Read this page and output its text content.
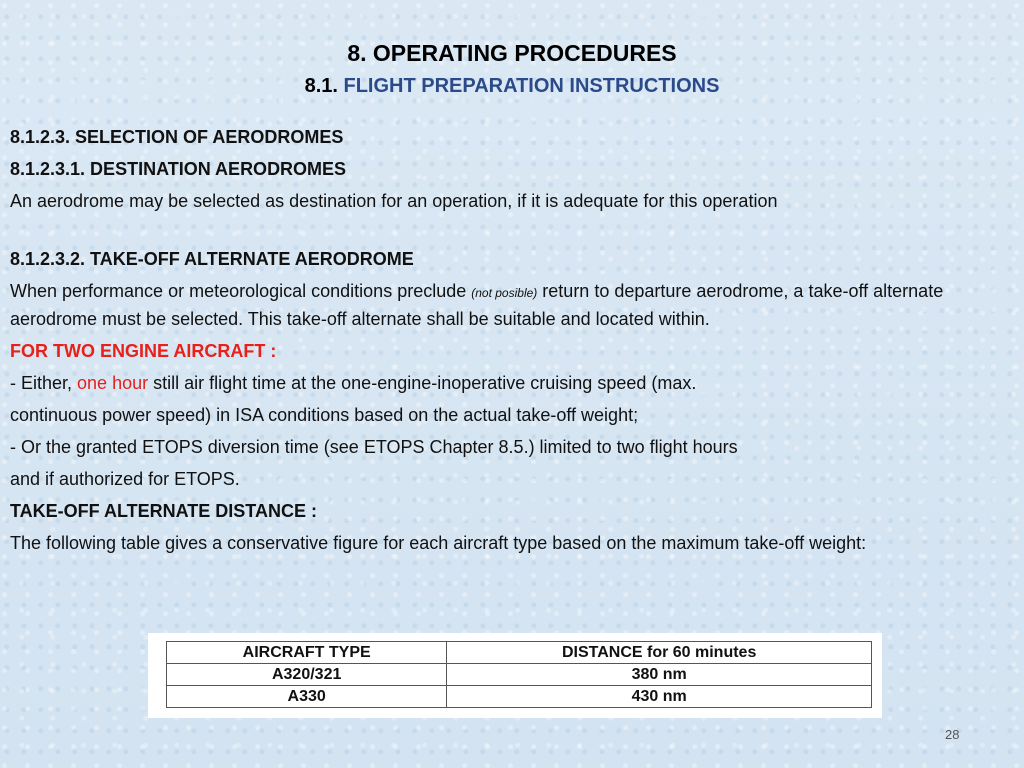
8. OPERATING PROCEDURES
8.1. FLIGHT PREPARATION INSTRUCTIONS

8.1.2.3. SELECTION OF AERODROMES

8.1.2.3.1. DESTINATION AERODROMES

An aerodrome may be selected as destination for an operation, if it is adequate for this operation

8.1.2.3.2. TAKE-OFF ALTERNATE AERODROME

When performance or meteorological conditions preclude (not posible) return to departure aerodrome, a take-off alternate aerodrome must be selected. This take-off alternate shall be suitable and located within.

FOR TWO ENGINE AIRCRAFT :

- Either, one hour still air flight time at the one-engine-inoperative cruising speed (max.

continuous power speed) in ISA conditions based on the actual take-off weight;

- Or the granted ETOPS diversion time (see ETOPS Chapter 8.5.) limited to two flight hours

and if authorized for ETOPS.

TAKE-OFF ALTERNATE DISTANCE :

The following table gives a conservative figure for each aircraft type based on the maximum take-off weight:

AIRCRAFT TYPE	DISTANCE for 60 minutes
A320/321	380 nm
A330	430 nm
28
